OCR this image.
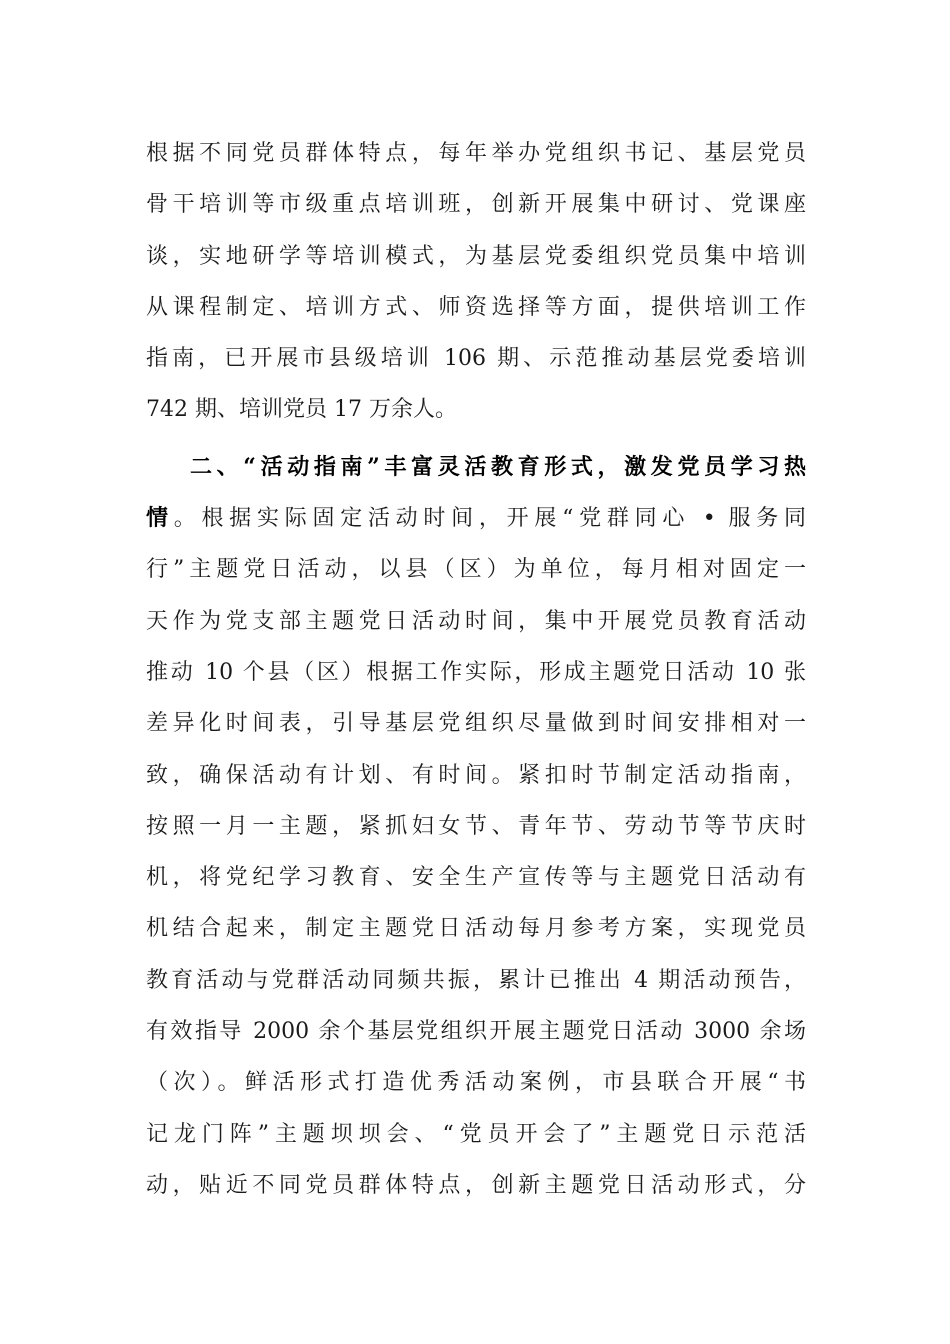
根据不同党员群体特点，每年举办党组织书记、基层党员
骨干培训等市级重点培训班，创新开展集中研讨、党课座
谈，实地研学等培训模式，为基层党委组织党员集中培训
从课程制定、培训方式、师资选择等方面，提供培训工作
指南，已开展市县级培训 106 期、示范推动基层党委培训
742 期、培训党员 17 万余人。
二、“活动指南”丰富灵活教育形式，激发党员学习热
情。根据实际固定活动时间，开展“党群同心 • 服务同
行”主题党日活动，以县（区）为单位，每月相对固定一
天作为党支部主题党日活动时间，集中开展党员教育活动
推动 10 个县（区）根据工作实际，形成主题党日活动 10 张
差异化时间表，引导基层党组织尽量做到时间安排相对一
致，确保活动有计划、有时间。紧扣时节制定活动指南，
按照一月一主题，紧抓妇女节、青年节、劳动节等节庆时
机，将党纪学习教育、安全生产宣传等与主题党日活动有
机结合起来，制定主题党日活动每月参考方案，实现党员
教育活动与党群活动同频共振，累计已推出 4 期活动预告，
有效指导 2000 余个基层党组织开展主题党日活动 3000 余场
（次）。鲜活形式打造优秀活动案例，市县联合开展“书
记龙门阵”主题坝坝会、“党员开会了”主题党日示范活
动，贴近不同党员群体特点，创新主题党日活动形式，分
